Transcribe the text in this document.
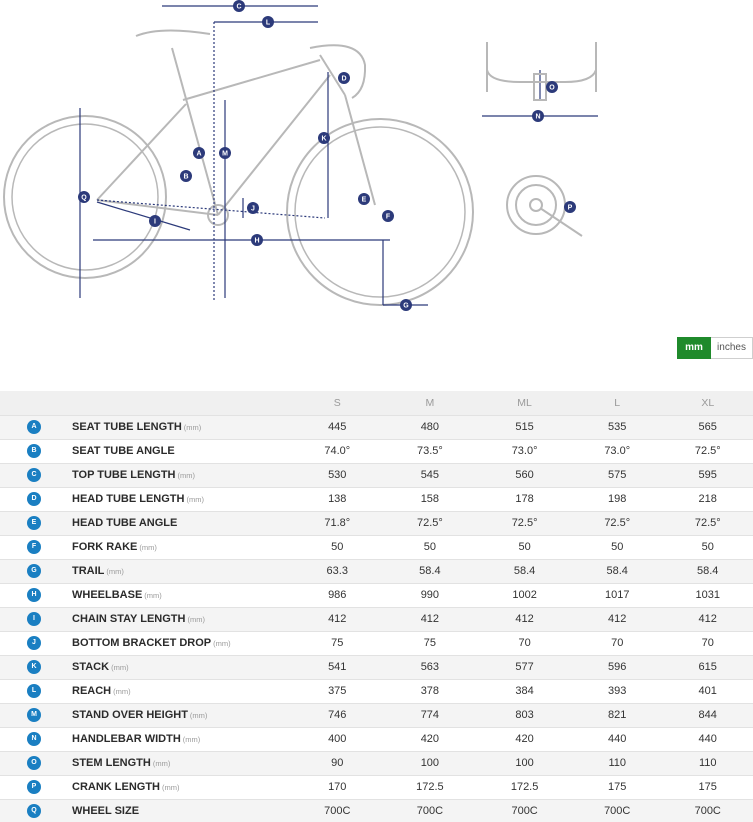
C
L
D
K
M
A
B
Q	E
J
F
I
H
G
O
N
P
mm	inches
		S	M	ML	L	XL
A	SEAT TUBE LENGTH (mm)	445	480	515	535	565
B	SEAT TUBE ANGLE	74.0°	73.5°	73.0°	73.0°	72.5°
C	TOP TUBE LENGTH (mm)	530	545	560	575	595
D	HEAD TUBE LENGTH (mm)	138	158	178	198	218
E	HEAD TUBE ANGLE	71.8°	72.5°	72.5°	72.5°	72.5°
F	FORK RAKE (mm)	50	50	50	50	50
G	TRAIL (mm)	63.3	58.4	58.4	58.4	58.4
H	WHEELBASE (mm)	986	990	1002	1017	1031
I	CHAIN STAY LENGTH (mm)	412	412	412	412	412
J	BOTTOM BRACKET DROP (mm)	75	75	70	70	70
K	STACK (mm)	541	563	577	596	615
L	REACH (mm)	375	378	384	393	401
M	STAND OVER HEIGHT (mm)	746	774	803	821	844
N	HANDLEBAR WIDTH (mm)	400	420	420	440	440
O	STEM LENGTH (mm)	90	100	100	110	110
P	CRANK LENGTH (mm)	170	172.5	172.5	175	175
Q	WHEEL SIZE	700C	700C	700C	700C	700C
